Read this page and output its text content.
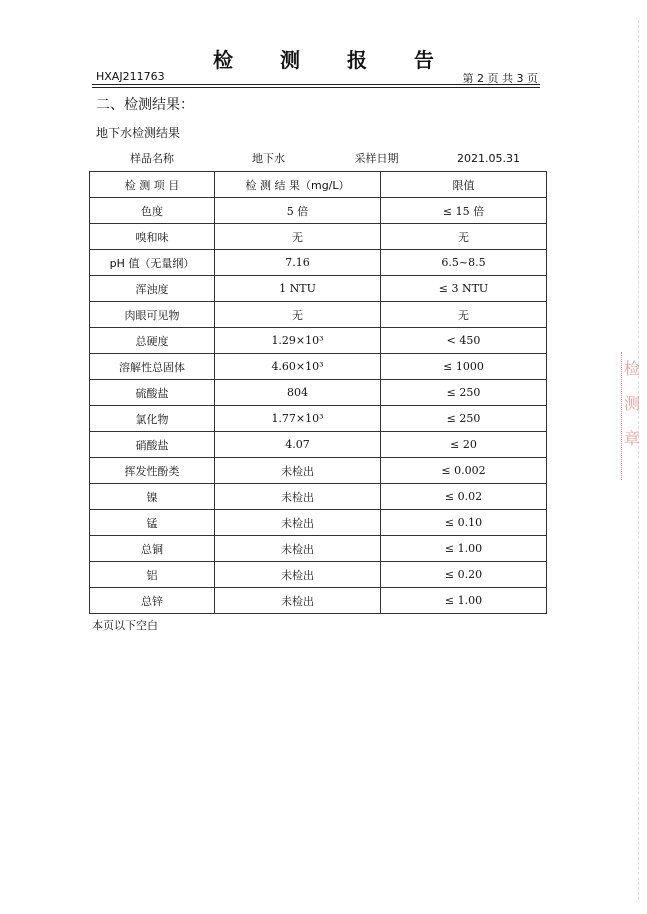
检 测 报 告
HXAJ211763	第 2 页 共 3 页
二、检测结果：
地下水检测结果
样品名称	地下水	采样日期	2021.05.31

检 测 项 目	检 测 结 果（mg/L）	限值
色度	5 倍	≤ 15 倍
嗅和味	无	无
pH 值（无量纲）	7.16	6.5~8.5
浑浊度	1 NTU	≤ 3 NTU
肉眼可见物	无	无
总硬度	1.29×10³	< 450
溶解性总固体	4.60×10³	≤ 1000
硫酸盐	804	≤ 250
氯化物	1.77×10³	≤ 250
硝酸盐	4.07	≤ 20
挥发性酚类	未检出	≤ 0.002
镍	未检出	≤ 0.02
锰	未检出	≤ 0.10
总铜	未检出	≤ 1.00
铝	未检出	≤ 0.20
总锌	未检出	≤ 1.00
本页以下空白
检
测
章
